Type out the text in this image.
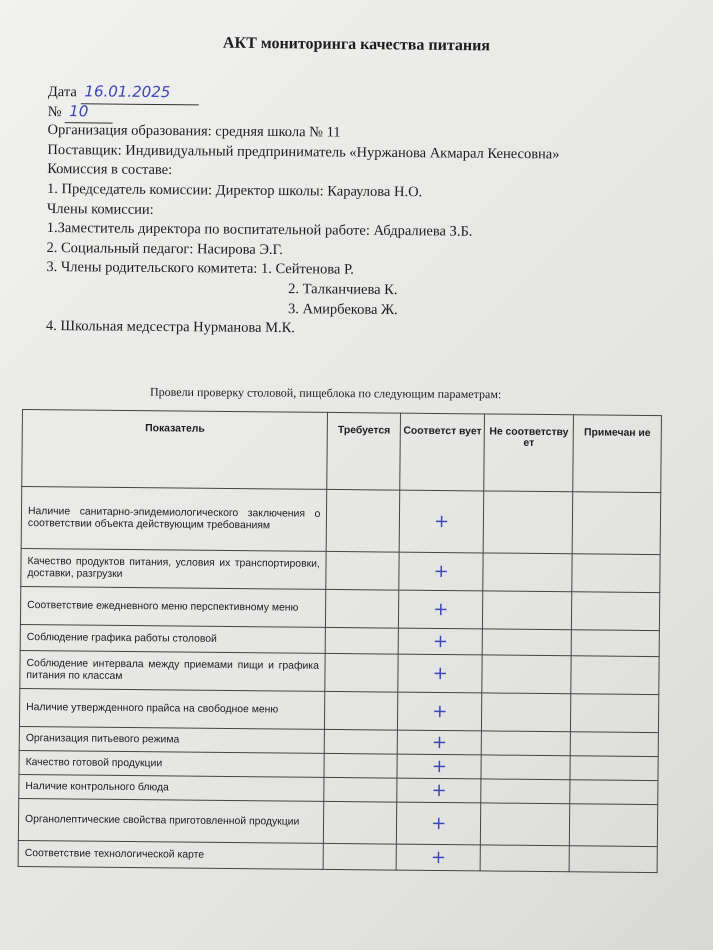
АКТ мониторинга качества питания
Дата 16.01.2025
№ 10
Организация образования: средняя школа № 11
Поставщик: Индивидуальный предприниматель «Нуржанова Акмарал Кенесовна»
Комиссия в составе:
1. Председатель комиссии: Директор школы: Караулова Н.О.
Члены комиссии:
1.Заместитель директора по воспитательной работе: Абдралиева З.Б.
2. Социальный педагог: Насирова Э.Г.
3. Члены родительского комитета: 1. Сейтенова Р.
2. Талканчиева К.
3. Амирбекова Ж.
4. Школьная медсестра Нурманова М.К.
Провели проверку столовой, пищеблока по следующим параметрам:
Показатель	Требуется	Соответст вует	Не соответству ет	Примечан ие
Наличие санитарно-эпидемиологического заключения о соответствии объекта действующим требованиям		+		
Качество продуктов питания, условия их транспортировки, доставки, разгрузки		+		
Соответствие ежедневного меню перспективному меню		+		
Соблюдение графика работы столовой		+		
Соблюдение интервала между приемами пищи и графика питания по классам		+		
Наличие утвержденного прайса на свободное меню		+		
Организация питьевого режима		+		
Качество готовой продукции		+		
Наличие контрольного блюда		+		
Органолептические свойства приготовленной продукции		+		
Соответствие технологической карте		+		
